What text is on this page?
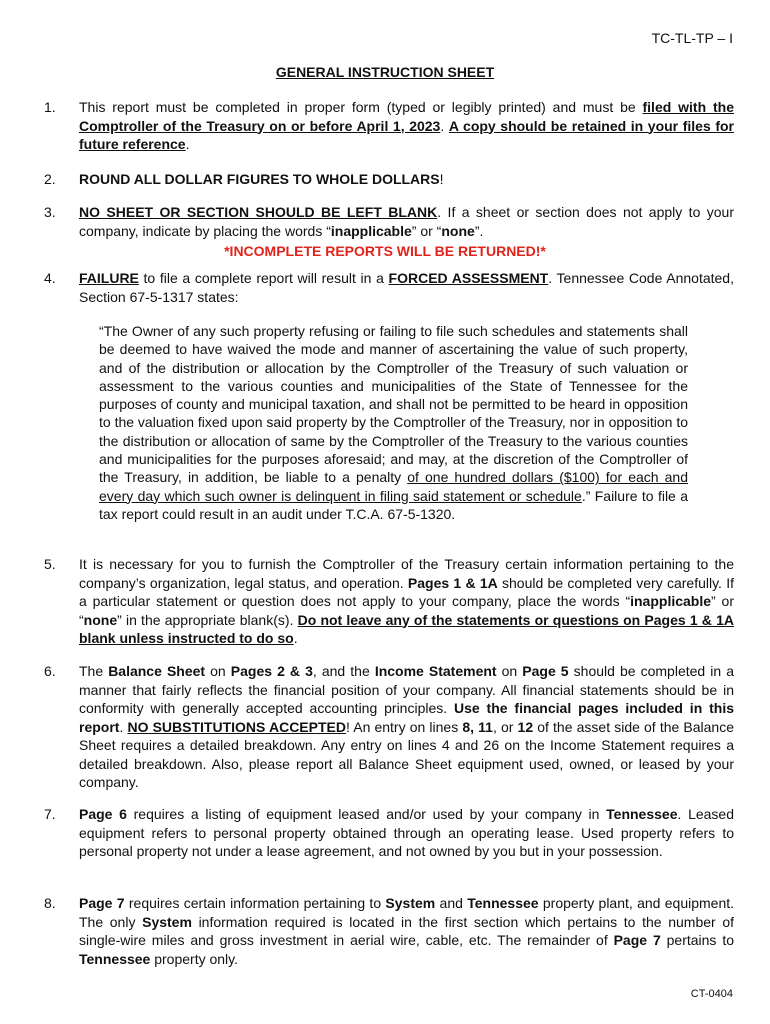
TC-TL-TP – I
GENERAL INSTRUCTION SHEET
1.	This report must be completed in proper form (typed or legibly printed) and must be filed with the Comptroller of the Treasury on or before April 1, 2023. A copy should be retained in your files for future reference.
2.	ROUND ALL DOLLAR FIGURES TO WHOLE DOLLARS!
3.	NO SHEET OR SECTION SHOULD BE LEFT BLANK. If a sheet or section does not apply to your company, indicate by placing the words “inapplicable” or “none”.
*INCOMPLETE REPORTS WILL BE RETURNED!*
4.	FAILURE to file a complete report will result in a FORCED ASSESSMENT. Tennessee Code Annotated, Section 67-5-1317 states:
“The Owner of any such property refusing or failing to file such schedules and statements shall be deemed to have waived the mode and manner of ascertaining the value of such property, and of the distribution or allocation by the Comptroller of the Treasury of such valuation or assessment to the various counties and municipalities of the State of Tennessee for the purposes of county and municipal taxation, and shall not be permitted to be heard in opposition to the valuation fixed upon said property by the Comptroller of the Treasury, nor in opposition to the distribution or allocation of same by the Comptroller of the Treasury to the various counties and municipalities for the purposes aforesaid; and may, at the discretion of the Comptroller of the Treasury, in addition, be liable to a penalty of one hundred dollars ($100) for each and every day which such owner is delinquent in filing said statement or schedule.” Failure to file a tax report could result in an audit under T.C.A. 67-5-1320.
5.	It is necessary for you to furnish the Comptroller of the Treasury certain information pertaining to the company’s organization, legal status, and operation. Pages 1 & 1A should be completed very carefully. If a particular statement or question does not apply to your company, place the words “inapplicable” or “none” in the appropriate blank(s). Do not leave any of the statements or questions on Pages 1 & 1A blank unless instructed to do so.
6.	The Balance Sheet on Pages 2 & 3, and the Income Statement on Page 5 should be completed in a manner that fairly reflects the financial position of your company. All financial statements should be in conformity with generally accepted accounting principles. Use the financial pages included in this report. NO SUBSTITUTIONS ACCEPTED! An entry on lines 8, 11, or 12 of the asset side of the Balance Sheet requires a detailed breakdown. Any entry on lines 4 and 26 on the Income Statement requires a detailed breakdown. Also, please report all Balance Sheet equipment used, owned, or leased by your company.
7.	Page 6 requires a listing of equipment leased and/or used by your company in Tennessee. Leased equipment refers to personal property obtained through an operating lease. Used property refers to personal property not under a lease agreement, and not owned by you but in your possession.
8.	Page 7 requires certain information pertaining to System and Tennessee property plant, and equipment. The only System information required is located in the first section which pertains to the number of single-wire miles and gross investment in aerial wire, cable, etc. The remainder of Page 7 pertains to Tennessee property only.
CT-0404
